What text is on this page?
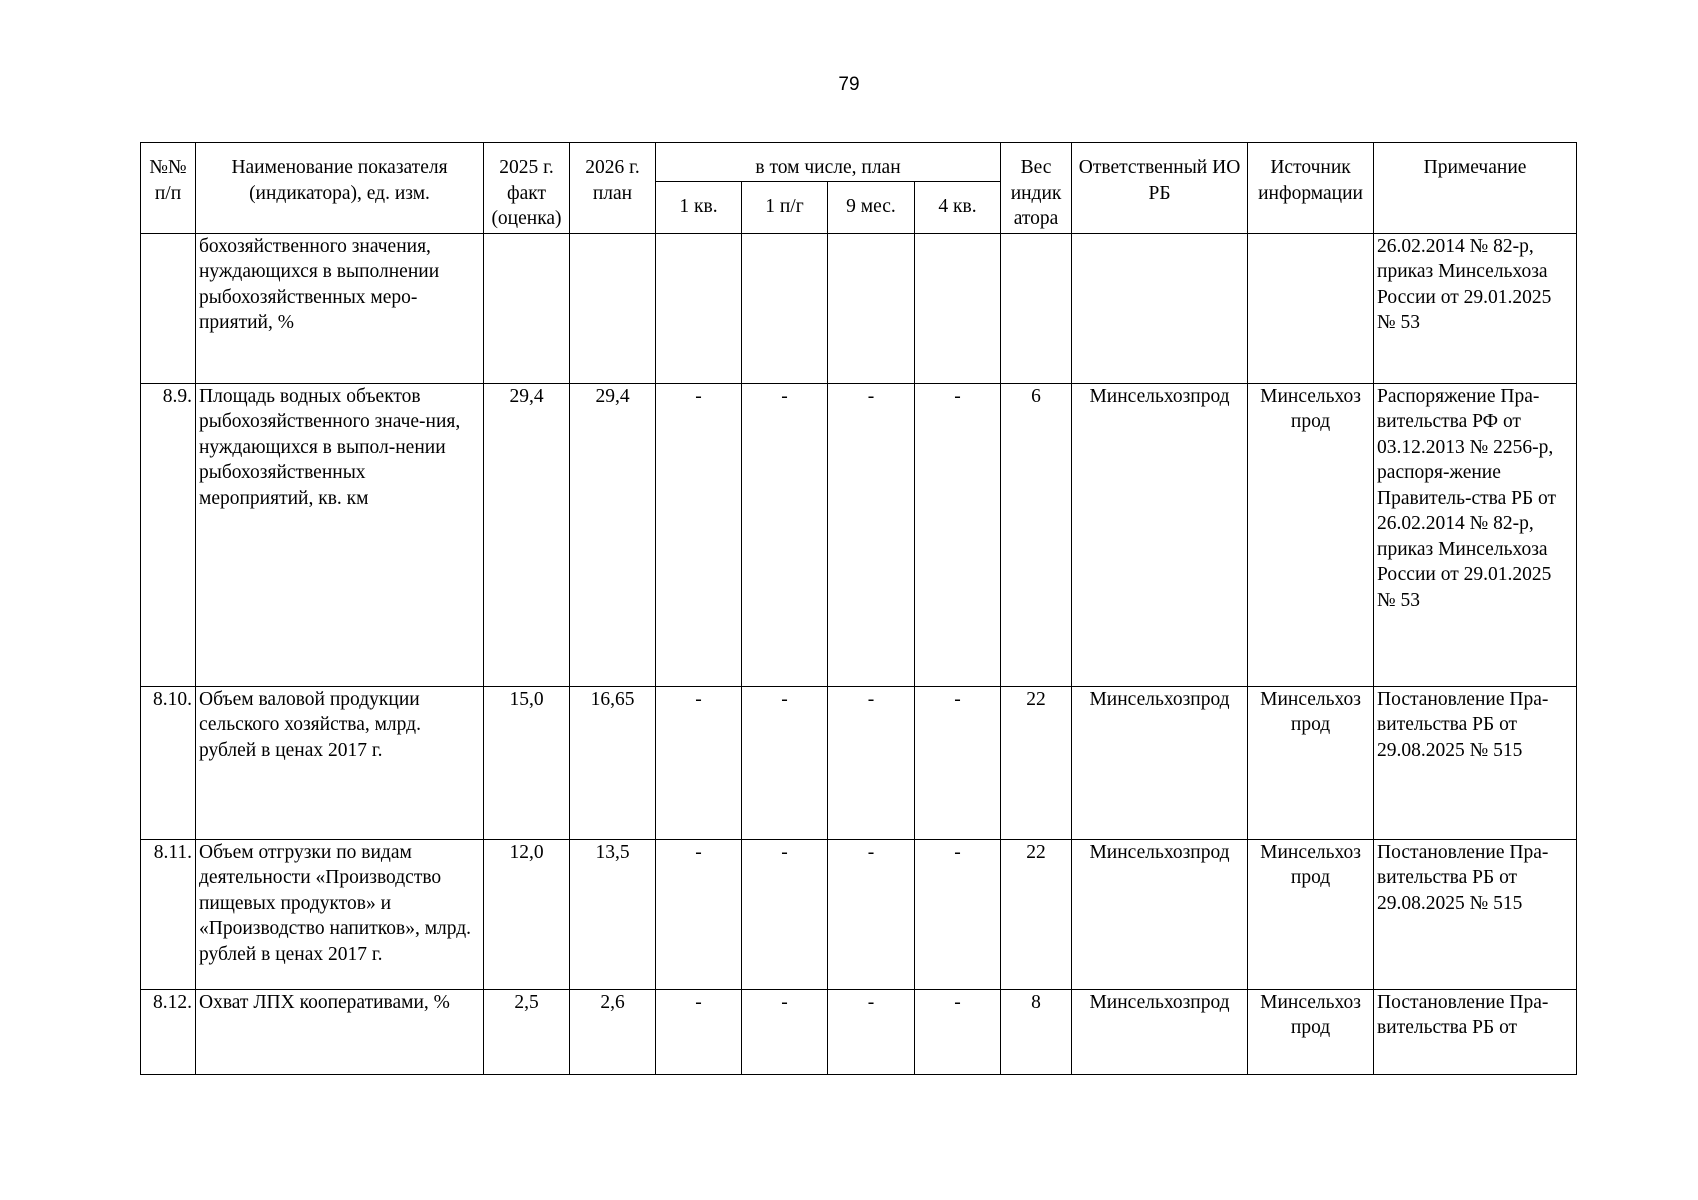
79
№№ п/п	Наименование показателя (индикатора), ед. изм.	2025 г. факт (оценка)	2026 г. план	в том числе, план				Вес индик атора	Ответственный ИО РБ	Источник информации	Примечание
				1 кв.	1 п/г	9 мес.	4 кв.				
	бохозяйственного значения, нуждающихся в выполнении рыбохозяйственных меро-приятий, %										26.02.2014 № 82-р, приказ Минсельхоза России от 29.01.2025 № 53
8.9.	Площадь водных объектов рыбохозяйственного значе-ния, нуждающихся в выпол-нении рыбохозяйственных мероприятий, кв. км	29,4	29,4	-	-	-	-	6	Минсельхозпрод	Минсельхоз прод	Распоряжение Пра-вительства РФ от 03.12.2013 № 2256-р, распоря-жение Правитель-ства РБ от 26.02.2014 № 82-р, приказ Минсельхоза России от 29.01.2025 № 53
8.10.	Объем валовой продукции сельского хозяйства, млрд. рублей в ценах 2017 г.	15,0	16,65	-	-	-	-	22	Минсельхозпрод	Минсельхоз прод	Постановление Пра-вительства РБ от 29.08.2025 № 515
8.11.	Объем отгрузки по видам деятельности «Производство пищевых продуктов» и «Производство напитков», млрд. рублей в ценах 2017 г.	12,0	13,5	-	-	-	-	22	Минсельхозпрод	Минсельхоз прод	Постановление Пра-вительства РБ от 29.08.2025 № 515
8.12.	Охват ЛПХ кооперативами, %	2,5	2,6	-	-	-	-	8	Минсельхозпрод	Минсельхоз прод	Постановление Пра-вительства РБ от
